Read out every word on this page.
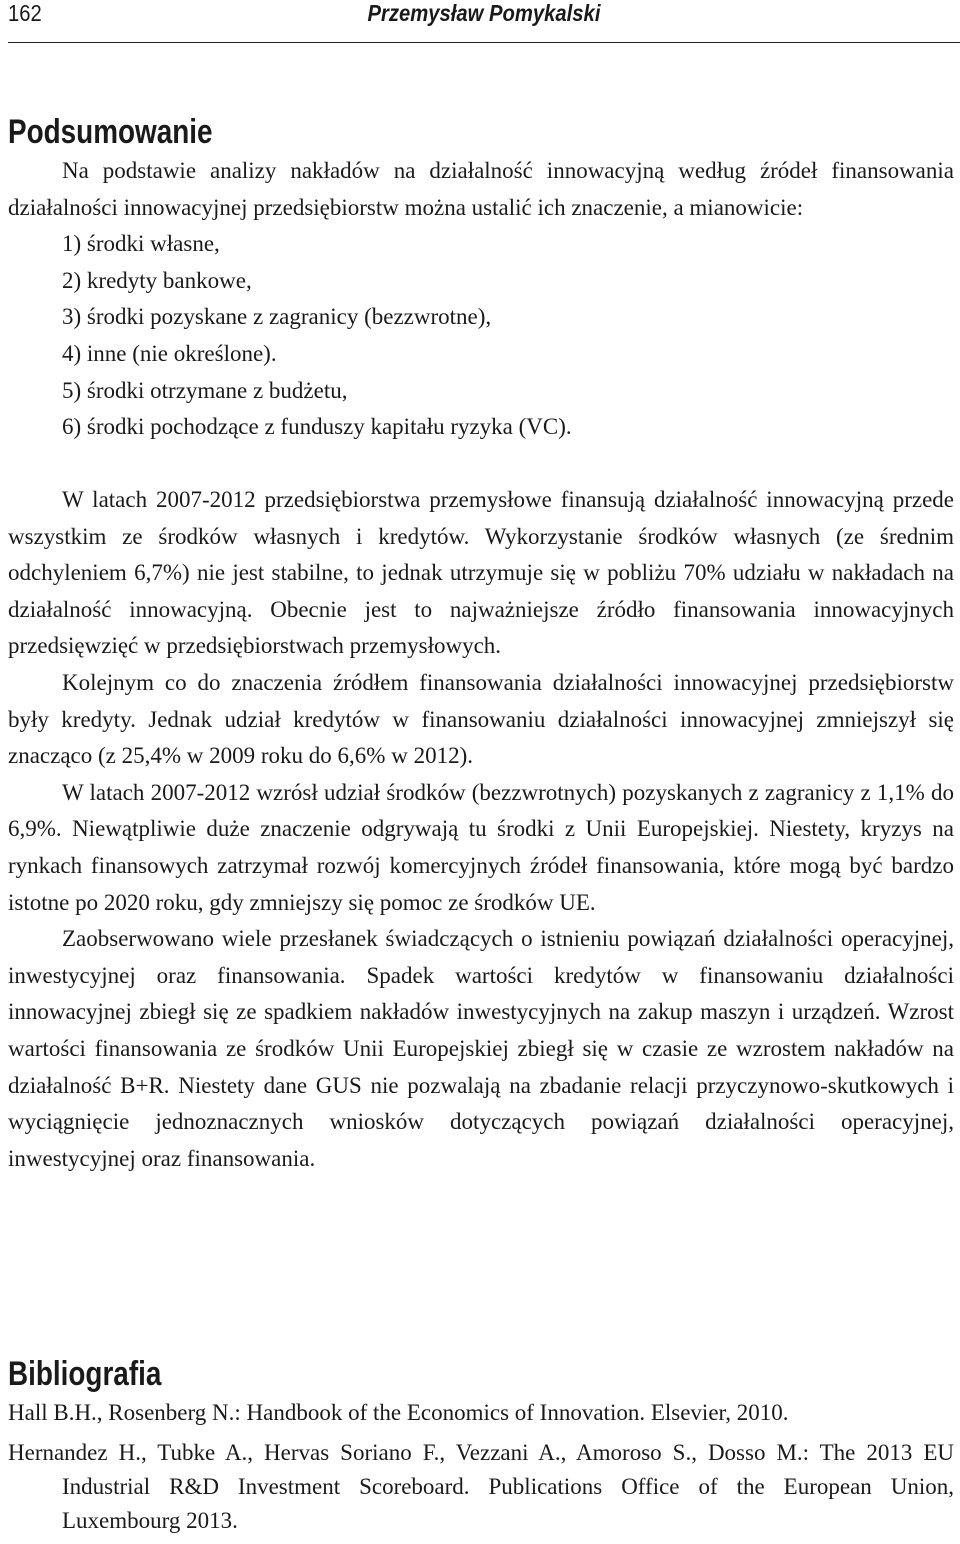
162	Przemysław Pomykalski
Podsumowanie

Na podstawie analizy nakładów na działalność innowacyjną według źródeł finansowania działalności innowacyjnej przedsiębiorstw można ustalić ich znaczenie, a mianowicie:

1) środki własne,
2) kredyty bankowe,
3) środki pozyskane z zagranicy (bezzwrotne),
4) inne (nie określone).
5) środki otrzymane z budżetu,
6) środki pochodzące z funduszy kapitału ryzyka (VC).

W latach 2007-2012 przedsiębiorstwa przemysłowe finansują działalność innowacyjną przede wszystkim ze środków własnych i kredytów. Wykorzystanie środków własnych (ze średnim odchyleniem 6,7%) nie jest stabilne, to jednak utrzymuje się w pobliżu 70% udziału w nakładach na działalność innowacyjną. Obecnie jest to najważniejsze źródło finansowania innowacyjnych przedsięwzięć w przedsiębiorstwach przemysłowych.

Kolejnym co do znaczenia źródłem finansowania działalności innowacyjnej przedsiębiorstw były kredyty. Jednak udział kredytów w finansowaniu działalności innowacyjnej zmniejszył się znacząco (z 25,4% w 2009 roku do 6,6% w 2012).

W latach 2007-2012 wzrósł udział środków (bezzwrotnych) pozyskanych z zagranicy z 1,1% do 6,9%. Niewątpliwie duże znaczenie odgrywają tu środki z Unii Europejskiej. Niestety, kryzys na rynkach finansowych zatrzymał rozwój komercyjnych źródeł finansowania, które mogą być bardzo istotne po 2020 roku, gdy zmniejszy się pomoc ze środków UE.

Zaobserwowano wiele przesłanek świadczących o istnieniu powiązań działalności operacyjnej, inwestycyjnej oraz finansowania. Spadek wartości kredytów w finansowaniu działalności innowacyjnej zbiegł się ze spadkiem nakładów inwestycyjnych na zakup maszyn i urządzeń. Wzrost wartości finansowania ze środków Unii Europejskiej zbiegł się w czasie ze wzrostem nakładów na działalność B+R. Niestety dane GUS nie pozwalają na zbadanie relacji przyczynowo-skutkowych i wyciągnięcie jednoznacznych wniosków dotyczących powiązań działalności operacyjnej, inwestycyjnej oraz finansowania.

Bibliografia

Hall B.H., Rosenberg N.: Handbook of the Economics of Innovation. Elsevier, 2010.

Hernandez H., Tubke A., Hervas Soriano F., Vezzani A., Amoroso S., Dosso M.: The 2013 EU Industrial R&D Investment Scoreboard. Publications Office of the European Union, Luxembourg 2013.
